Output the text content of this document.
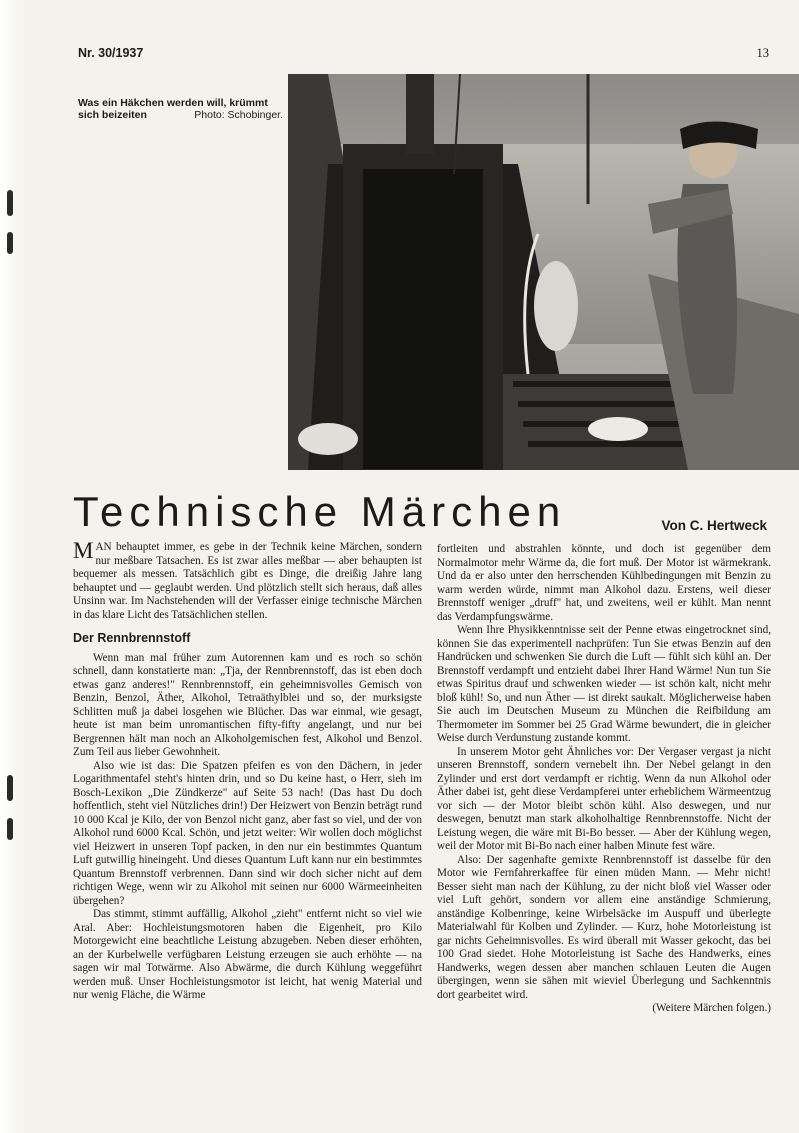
Nr. 30/1937	13
Was ein Häkchen werden will, krümmt sich beizeiten	Photo: Schobinger.
Technische Märchen	Von C. Hertweck

MAN behauptet immer, es gebe in der Technik keine Märchen, sondern nur meßbare Tatsachen. Es ist zwar alles meßbar — aber behaupten ist bequemer als messen. Tatsächlich gibt es Dinge, die dreißig Jahre lang behauptet und — geglaubt werden. Und plötzlich stellt sich heraus, daß alles Unsinn war. Im Nachstehenden will der Verfasser einige technische Märchen in das klare Licht des Tatsächlichen stellen.

Der Rennbrennstoff

Wenn man mal früher zum Autorennen kam und es roch so schön schnell, dann konstatierte man: „Tja, der Rennbrennstoff, das ist eben doch etwas ganz anderes!" Rennbrennstoff, ein geheimnisvolles Gemisch von Benzin, Benzol, Äther, Alkohol, Tetraäthylblei und so, der murksigste Schlitten muß ja dabei losgehen wie Blücher. Das war einmal, wie gesagt, heute ist man beim unromantischen fifty-fifty angelangt, und nur bei Bergrennen hält man noch an Alkoholgemischen fest, Alkohol und Benzol. Zum Teil aus lieber Gewohnheit.

Also wie ist das: Die Spatzen pfeifen es von den Dächern, in jeder Logarithmentafel steht's hinten drin, und so Du keine hast, o Herr, sieh im Bosch-Lexikon „Die Zündkerze" auf Seite 53 nach! (Das hast Du doch hoffentlich, steht viel Nützliches drin!) Der Heizwert von Benzin beträgt rund 10 000 Kcal je Kilo, der von Benzol nicht ganz, aber fast so viel, und der von Alkohol rund 6000 Kcal. Schön, und jetzt weiter: Wir wollen doch möglichst viel Heizwert in unseren Topf packen, in den nur ein bestimmtes Quantum Luft gutwillig hineingeht. Und dieses Quantum Luft kann nur ein bestimmtes Quantum Brennstoff verbrennen. Dann sind wir doch sicher nicht auf dem richtigen Wege, wenn wir zu Alkohol mit seinen nur 6000 Wärmeeinheiten übergehen?

Das stimmt, stimmt auffällig, Alkohol „zieht" entfernt nicht so viel wie Aral. Aber: Hochleistungsmotoren haben die Eigenheit, pro Kilo Motorgewicht eine beachtliche Leistung abzugeben. Neben dieser erhöhten, an der Kurbelwelle verfügbaren Leistung erzeugen sie auch erhöhte — na sagen wir mal Totwärme. Also Abwärme, die durch Kühlung weggeführt werden muß. Unser Hochleistungsmotor ist leicht, hat wenig Material und nur wenig Fläche, die Wärme

fortleiten und abstrahlen könnte, und doch ist gegenüber dem Normalmotor mehr Wärme da, die fort muß. Der Motor ist wärmekrank. Und da er also unter den herrschenden Kühlbedingungen mit Benzin zu warm werden würde, nimmt man Alkohol dazu. Erstens, weil dieser Brennstoff weniger „druff" hat, und zweitens, weil er kühlt. Man nennt das Verdampfungswärme.

Wenn Ihre Physikkenntnisse seit der Penne etwas eingetrocknet sind, können Sie das experimentell nachprüfen: Tun Sie etwas Benzin auf den Handrücken und schwenken Sie durch die Luft — fühlt sich kühl an. Der Brennstoff verdampft und entzieht dabei Ihrer Hand Wärme! Nun tun Sie etwas Spiritus drauf und schwenken wieder — ist schön kalt, nicht mehr bloß kühl! So, und nun Äther — ist direkt saukalt. Möglicherweise haben Sie auch im Deutschen Museum zu München die Reifbildung am Thermometer im Sommer bei 25 Grad Wärme bewundert, die in gleicher Weise durch Verdunstung zustande kommt.

In unserem Motor geht Ähnliches vor: Der Vergaser vergast ja nicht unseren Brennstoff, sondern vernebelt ihn. Der Nebel gelangt in den Zylinder und erst dort verdampft er richtig. Wenn da nun Alkohol oder Äther dabei ist, geht diese Verdampferei unter erheblichem Wärmeentzug vor sich — der Motor bleibt schön kühl. Also deswegen, und nur deswegen, benutzt man stark alkoholhaltige Rennbrennstoffe. Nicht der Leistung wegen, die wäre mit Bi-Bo besser. — Aber der Kühlung wegen, weil der Motor mit Bi-Bo nach einer halben Minute fest wäre.

Also: Der sagenhafte gemixte Rennbrennstoff ist dasselbe für den Motor wie Fernfahrerkaffee für einen müden Mann. — Mehr nicht! Besser sieht man nach der Kühlung, zu der nicht bloß viel Wasser oder viel Luft gehört, sondern vor allem eine anständige Schmierung, anständige Kolbenringe, keine Wirbelsäcke im Auspuff und überlegte Materialwahl für Kolben und Zylinder. — Kurz, hohe Motorleistung ist gar nichts Geheimnisvolles. Es wird überall mit Wasser gekocht, das bei 100 Grad siedet. Hohe Motorleistung ist Sache des Handwerks, eines Handwerks, wegen dessen aber manchen schlauen Leuten die Augen übergingen, wenn sie sähen mit wieviel Überlegung und Sachkenntnis dort gearbeitet wird.

(Weitere Märchen folgen.)
